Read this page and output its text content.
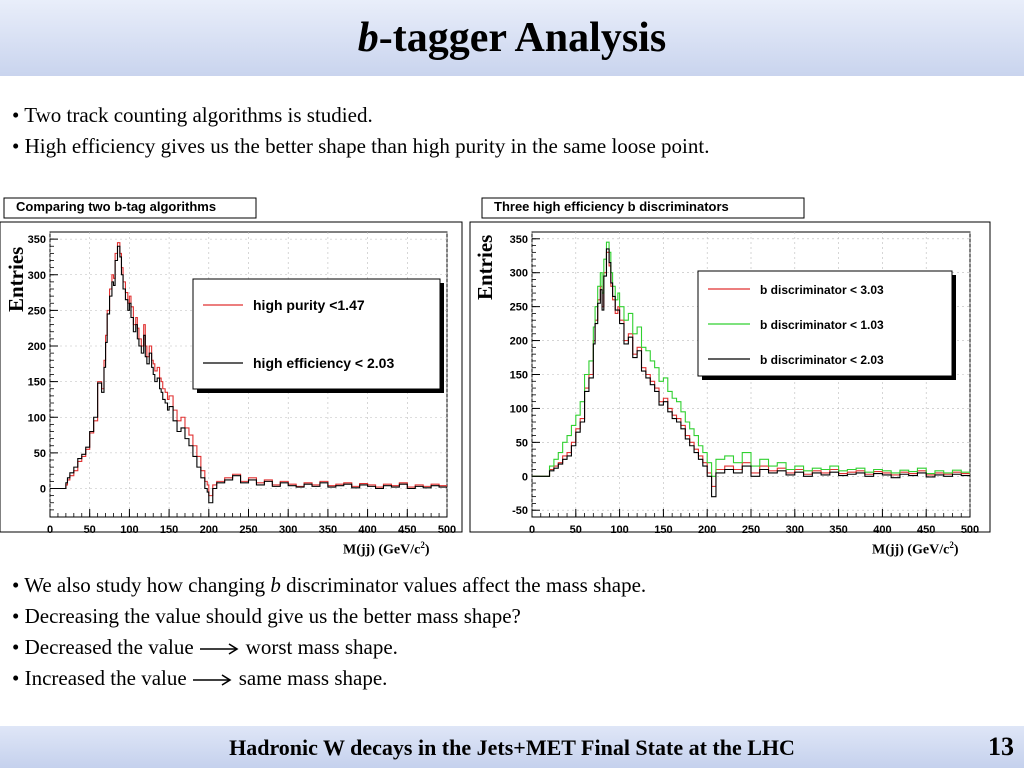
b-tagger Analysis
• Two track counting algorithms is studied.
• High efficiency gives us the better shape than high purity in the same loose point.
Comparing two b-tag algorithms
0	50 100 150 200 250 300 350 400 450 500
0
50
100
150
200
250
300
350
high purity <1.47
high efficiency < 2.03
Entries
M(jj) $(GeV/c^2)$
Three high efficiency b discriminators
0	50	100 150 200 250 300 350 400 450 500
-50
0
50
100
150
200
250
300
350
b discriminator < 3.03
b discriminator < 1.03
b discriminator < 2.03
Entries
M(jj) $(GeV/c^2)$
• We also study how changing b discriminator values affect the mass shape.
• Decreasing the value should give us the better mass shape?
• Decreased the value worst mass shape.
• Increased the value same mass shape.
Hadronic W decays in the Jets+MET Final State at the LHC	13
